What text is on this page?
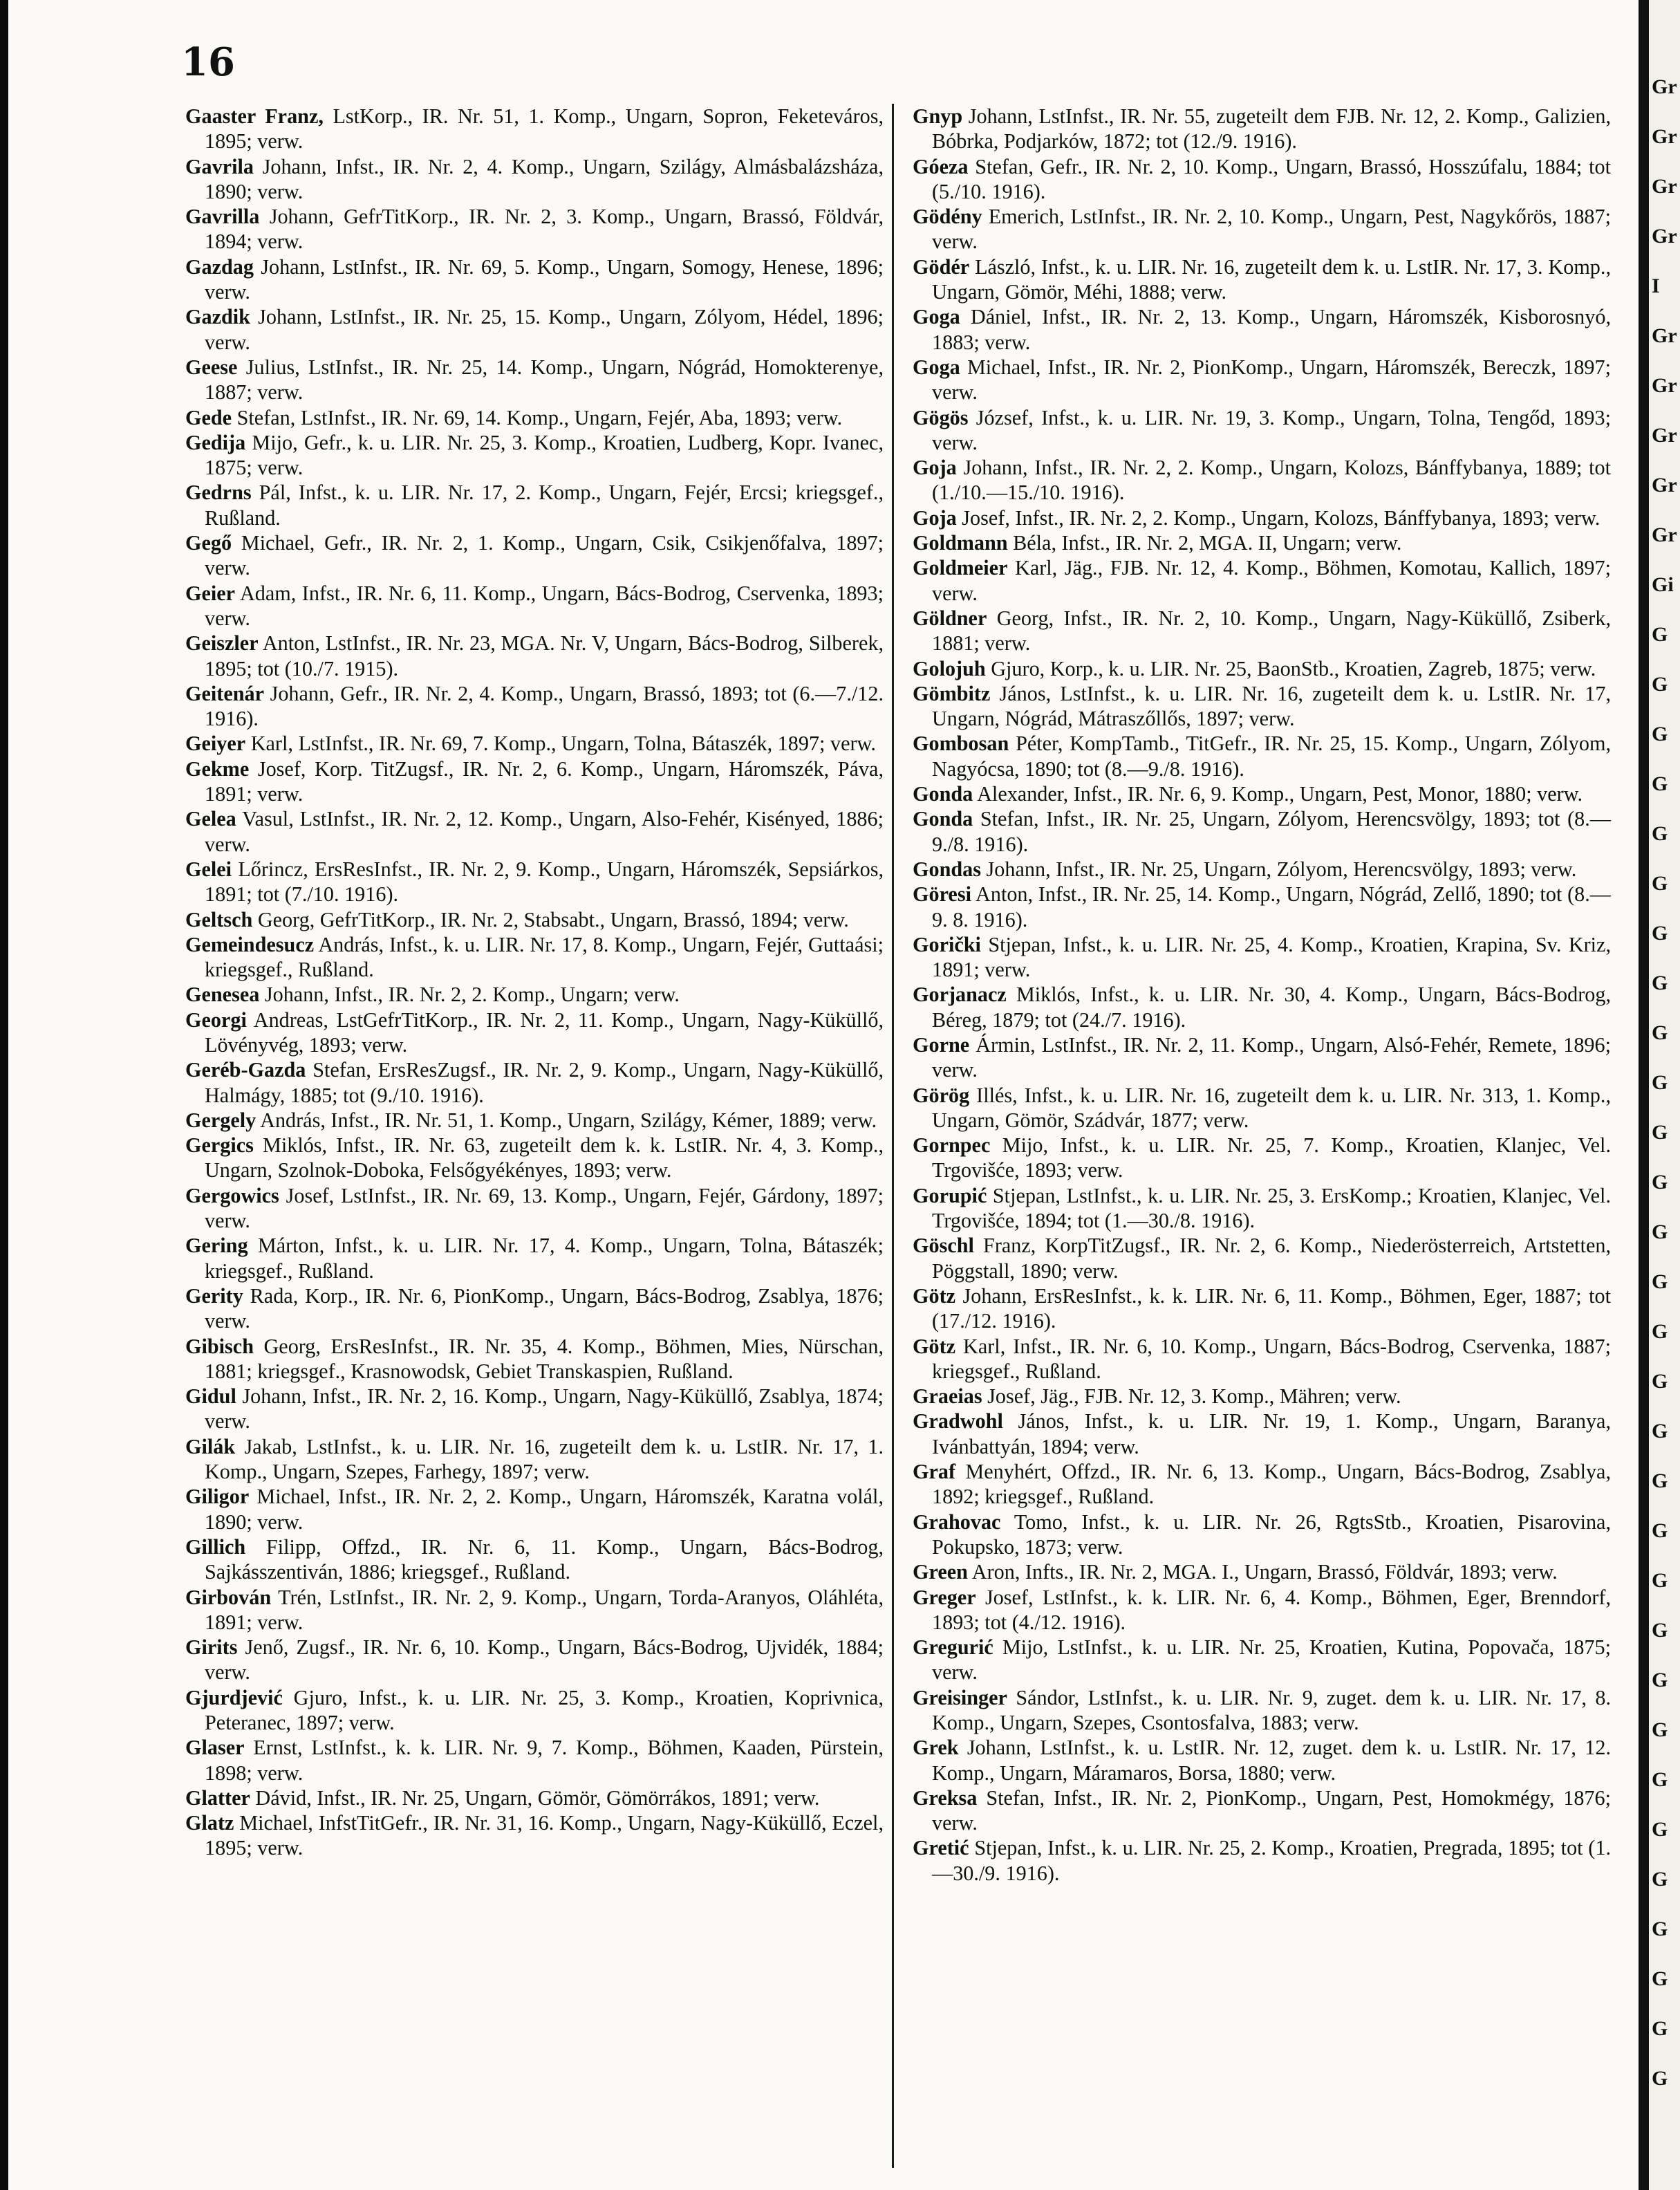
16

Gaaster Franz, LstKorp., IR. Nr. 51, 1. Komp., Ungarn, Sopron, Feketeváros, 1895; verw.

Gavrila Johann, Infst., IR. Nr. 2, 4. Komp., Ungarn, Szilágy, Almásbalázsháza, 1890; verw.

Gavrilla Johann, GefrTitKorp., IR. Nr. 2, 3. Komp., Ungarn, Brassó, Földvár, 1894; verw.

Gazdag Johann, LstInfst., IR. Nr. 69, 5. Komp., Ungarn, Somogy, Henese, 1896; verw.

Gazdik Johann, LstInfst., IR. Nr. 25, 15. Komp., Ungarn, Zólyom, Hédel, 1896; verw.

Geese Julius, LstInfst., IR. Nr. 25, 14. Komp., Ungarn, Nógrád, Homokterenye, 1887; verw.

Gede Stefan, LstInfst., IR. Nr. 69, 14. Komp., Ungarn, Fejér, Aba, 1893; verw.

Gedija Mijo, Gefr., k. u. LIR. Nr. 25, 3. Komp., Kroatien, Ludberg, Kopr. Ivanec, 1875; verw.

Gedrns Pál, Infst., k. u. LIR. Nr. 17, 2. Komp., Ungarn, Fejér, Ercsi; kriegsgef., Rußland.

Gegő Michael, Gefr., IR. Nr. 2, 1. Komp., Ungarn, Csik, Csikjenőfalva, 1897; verw.

Geier Adam, Infst., IR. Nr. 6, 11. Komp., Ungarn, Bács-Bodrog, Cservenka, 1893; verw.

Geiszler Anton, LstInfst., IR. Nr. 23, MGA. Nr. V, Ungarn, Bács-Bodrog, Silberek, 1895; tot (10./7. 1915).

Geitenár Johann, Gefr., IR. Nr. 2, 4. Komp., Ungarn, Brassó, 1893; tot (6.—7./12. 1916).

Geiyer Karl, LstInfst., IR. Nr. 69, 7. Komp., Ungarn, Tolna, Bátaszék, 1897; verw.

Gekme Josef, Korp. TitZugsf., IR. Nr. 2, 6. Komp., Ungarn, Háromszék, Páva, 1891; verw.

Gelea Vasul, LstInfst., IR. Nr. 2, 12. Komp., Ungarn, Also-Fehér, Kisényed, 1886; verw.

Gelei Lőrincz, ErsResInfst., IR. Nr. 2, 9. Komp., Ungarn, Háromszék, Sepsiárkos, 1891; tot (7./10. 1916).

Geltsch Georg, GefrTitKorp., IR. Nr. 2, Stabsabt., Ungarn, Brassó, 1894; verw.

Gemeindesucz András, Infst., k. u. LIR. Nr. 17, 8. Komp., Ungarn, Fejér, Guttaási; kriegsgef., Rußland.

Genesea Johann, Infst., IR. Nr. 2, 2. Komp., Ungarn; verw.

Georgi Andreas, LstGefrTitKorp., IR. Nr. 2, 11. Komp., Ungarn, Nagy-Küküllő, Lövényvég, 1893; verw.

Geréb-Gazda Stefan, ErsResZugsf., IR. Nr. 2, 9. Komp., Ungarn, Nagy-Küküllő, Halmágy, 1885; tot (9./10. 1916).

Gergely András, Infst., IR. Nr. 51, 1. Komp., Ungarn, Szilágy, Kémer, 1889; verw.

Gergics Miklós, Infst., IR. Nr. 63, zugeteilt dem k. k. LstIR. Nr. 4, 3. Komp., Ungarn, Szolnok-Doboka, Felsőgyékényes, 1893; verw.

Gergowics Josef, LstInfst., IR. Nr. 69, 13. Komp., Ungarn, Fejér, Gárdony, 1897; verw.

Gering Márton, Infst., k. u. LIR. Nr. 17, 4. Komp., Ungarn, Tolna, Bátaszék; kriegsgef., Rußland.

Gerity Rada, Korp., IR. Nr. 6, PionKomp., Ungarn, Bács-Bodrog, Zsablya, 1876; verw.

Gibisch Georg, ErsResInfst., IR. Nr. 35, 4. Komp., Böhmen, Mies, Nürschan, 1881; kriegsgef., Krasnowodsk, Gebiet Transkaspien, Rußland.

Gidul Johann, Infst., IR. Nr. 2, 16. Komp., Ungarn, Nagy-Küküllő, Zsablya, 1874; verw.

Gilák Jakab, LstInfst., k. u. LIR. Nr. 16, zugeteilt dem k. u. LstIR. Nr. 17, 1. Komp., Ungarn, Szepes, Farhegy, 1897; verw.

Giligor Michael, Infst., IR. Nr. 2, 2. Komp., Ungarn, Háromszék, Karatna volál, 1890; verw.

Gillich Filipp, Offzd., IR. Nr. 6, 11. Komp., Ungarn, Bács-Bodrog, Sajkásszentiván, 1886; kriegsgef., Rußland.

Girbován Trén, LstInfst., IR. Nr. 2, 9. Komp., Ungarn, Torda-Aranyos, Oláhléta, 1891; verw.

Girits Jenő, Zugsf., IR. Nr. 6, 10. Komp., Ungarn, Bács-Bodrog, Ujvidék, 1884; verw.

Gjurdjević Gjuro, Infst., k. u. LIR. Nr. 25, 3. Komp., Kroatien, Koprivnica, Peteranec, 1897; verw.

Glaser Ernst, LstInfst., k. k. LIR. Nr. 9, 7. Komp., Böhmen, Kaaden, Pürstein, 1898; verw.

Glatter Dávid, Infst., IR. Nr. 25, Ungarn, Gömör, Gömörrákos, 1891; verw.

Glatz Michael, InfstTitGefr., IR. Nr. 31, 16. Komp., Ungarn, Nagy-Küküllő, Eczel, 1895; verw.

Gnyp Johann, LstInfst., IR. Nr. 55, zugeteilt dem FJB. Nr. 12, 2. Komp., Galizien, Bóbrka, Podjarków, 1872; tot (12./9. 1916).

Góeza Stefan, Gefr., IR. Nr. 2, 10. Komp., Ungarn, Brassó, Hosszúfalu, 1884; tot (5./10. 1916).

Gödény Emerich, LstInfst., IR. Nr. 2, 10. Komp., Ungarn, Pest, Nagykőrös, 1887; verw.

Gödér László, Infst., k. u. LIR. Nr. 16, zugeteilt dem k. u. LstIR. Nr. 17, 3. Komp., Ungarn, Gömör, Méhi, 1888; verw.

Goga Dániel, Infst., IR. Nr. 2, 13. Komp., Ungarn, Háromszék, Kisborosnyó, 1883; verw.

Goga Michael, Infst., IR. Nr. 2, PionKomp., Ungarn, Háromszék, Bereczk, 1897; verw.

Gögös József, Infst., k. u. LIR. Nr. 19, 3. Komp., Ungarn, Tolna, Tengőd, 1893; verw.

Goja Johann, Infst., IR. Nr. 2, 2. Komp., Ungarn, Kolozs, Bánffybanya, 1889; tot (1./10.—15./10. 1916).

Goja Josef, Infst., IR. Nr. 2, 2. Komp., Ungarn, Kolozs, Bánffybanya, 1893; verw.

Goldmann Béla, Infst., IR. Nr. 2, MGA. II, Ungarn; verw.

Goldmeier Karl, Jäg., FJB. Nr. 12, 4. Komp., Böhmen, Komotau, Kallich, 1897; verw.

Göldner Georg, Infst., IR. Nr. 2, 10. Komp., Ungarn, Nagy-Küküllő, Zsiberk, 1881; verw.

Golojuh Gjuro, Korp., k. u. LIR. Nr. 25, BaonStb., Kroatien, Zagreb, 1875; verw.

Gömbitz János, LstInfst., k. u. LIR. Nr. 16, zugeteilt dem k. u. LstIR. Nr. 17, Ungarn, Nógrád, Mátraszőllős, 1897; verw.

Gombosan Péter, KompTamb., TitGefr., IR. Nr. 25, 15. Komp., Ungarn, Zólyom, Nagyócsa, 1890; tot (8.—9./8. 1916).

Gonda Alexander, Infst., IR. Nr. 6, 9. Komp., Ungarn, Pest, Monor, 1880; verw.

Gonda Stefan, Infst., IR. Nr. 25, Ungarn, Zólyom, Herencsvölgy, 1893; tot (8.—9./8. 1916).

Gondas Johann, Infst., IR. Nr. 25, Ungarn, Zólyom, Herencsvölgy, 1893; verw.

Göresi Anton, Infst., IR. Nr. 25, 14. Komp., Ungarn, Nógrád, Zellő, 1890; tot (8.—9. 8. 1916).

Gorički Stjepan, Infst., k. u. LIR. Nr. 25, 4. Komp., Kroatien, Krapina, Sv. Kriz, 1891; verw.

Gorjanacz Miklós, Infst., k. u. LIR. Nr. 30, 4. Komp., Ungarn, Bács-Bodrog, Béreg, 1879; tot (24./7. 1916).

Gorne Ármin, LstInfst., IR. Nr. 2, 11. Komp., Ungarn, Alsó-Fehér, Remete, 1896; verw.

Görög Illés, Infst., k. u. LIR. Nr. 16, zugeteilt dem k. u. LIR. Nr. 313, 1. Komp., Ungarn, Gömör, Szádvár, 1877; verw.

Gornpec Mijo, Infst., k. u. LIR. Nr. 25, 7. Komp., Kroatien, Klanjec, Vel. Trgovišće, 1893; verw.

Gorupić Stjepan, LstInfst., k. u. LIR. Nr. 25, 3. ErsKomp.; Kroatien, Klanjec, Vel. Trgovišće, 1894; tot (1.—30./8. 1916).

Göschl Franz, KorpTitZugsf., IR. Nr. 2, 6. Komp., Niederösterreich, Artstetten, Pöggstall, 1890; verw.

Götz Johann, ErsResInfst., k. k. LIR. Nr. 6, 11. Komp., Böhmen, Eger, 1887; tot (17./12. 1916).

Götz Karl, Infst., IR. Nr. 6, 10. Komp., Ungarn, Bács-Bodrog, Cservenka, 1887; kriegsgef., Rußland.

Graeias Josef, Jäg., FJB. Nr. 12, 3. Komp., Mähren; verw.

Gradwohl János, Infst., k. u. LIR. Nr. 19, 1. Komp., Ungarn, Baranya, Ivánbattyán, 1894; verw.

Graf Menyhért, Offzd., IR. Nr. 6, 13. Komp., Ungarn, Bács-Bodrog, Zsablya, 1892; kriegsgef., Rußland.

Grahovac Tomo, Infst., k. u. LIR. Nr. 26, RgtsStb., Kroatien, Pisarovina, Pokupsko, 1873; verw.

Green Aron, Infts., IR. Nr. 2, MGA. I., Ungarn, Brassó, Földvár, 1893; verw.

Greger Josef, LstInfst., k. k. LIR. Nr. 6, 4. Komp., Böhmen, Eger, Brenndorf, 1893; tot (4./12. 1916).

Gregurić Mijo, LstInfst., k. u. LIR. Nr. 25, Kroatien, Kutina, Popovača, 1875; verw.

Greisinger Sándor, LstInfst., k. u. LIR. Nr. 9, zuget. dem k. u. LIR. Nr. 17, 8. Komp., Ungarn, Szepes, Csontosfalva, 1883; verw.

Grek Johann, LstInfst., k. u. LstIR. Nr. 12, zuget. dem k. u. LstIR. Nr. 17, 12. Komp., Ungarn, Máramaros, Borsa, 1880; verw.

Greksa Stefan, Infst., IR. Nr. 2, PionKomp., Ungarn, Pest, Homokmégy, 1876; verw.

Gretić Stjepan, Infst., k. u. LIR. Nr. 25, 2. Komp., Kroatien, Pregrada, 1895; tot (1.—30./9. 1916).

Gr
Gr
Gr
Gr
I
Gr
Gr
Gr
Gr
Gr
Gi
G
G
G
G
G
G
G
G
G
G
G
G
G
G
G
G
G
G
G
G
G
G
G
G
G
G
G
G
G
G
